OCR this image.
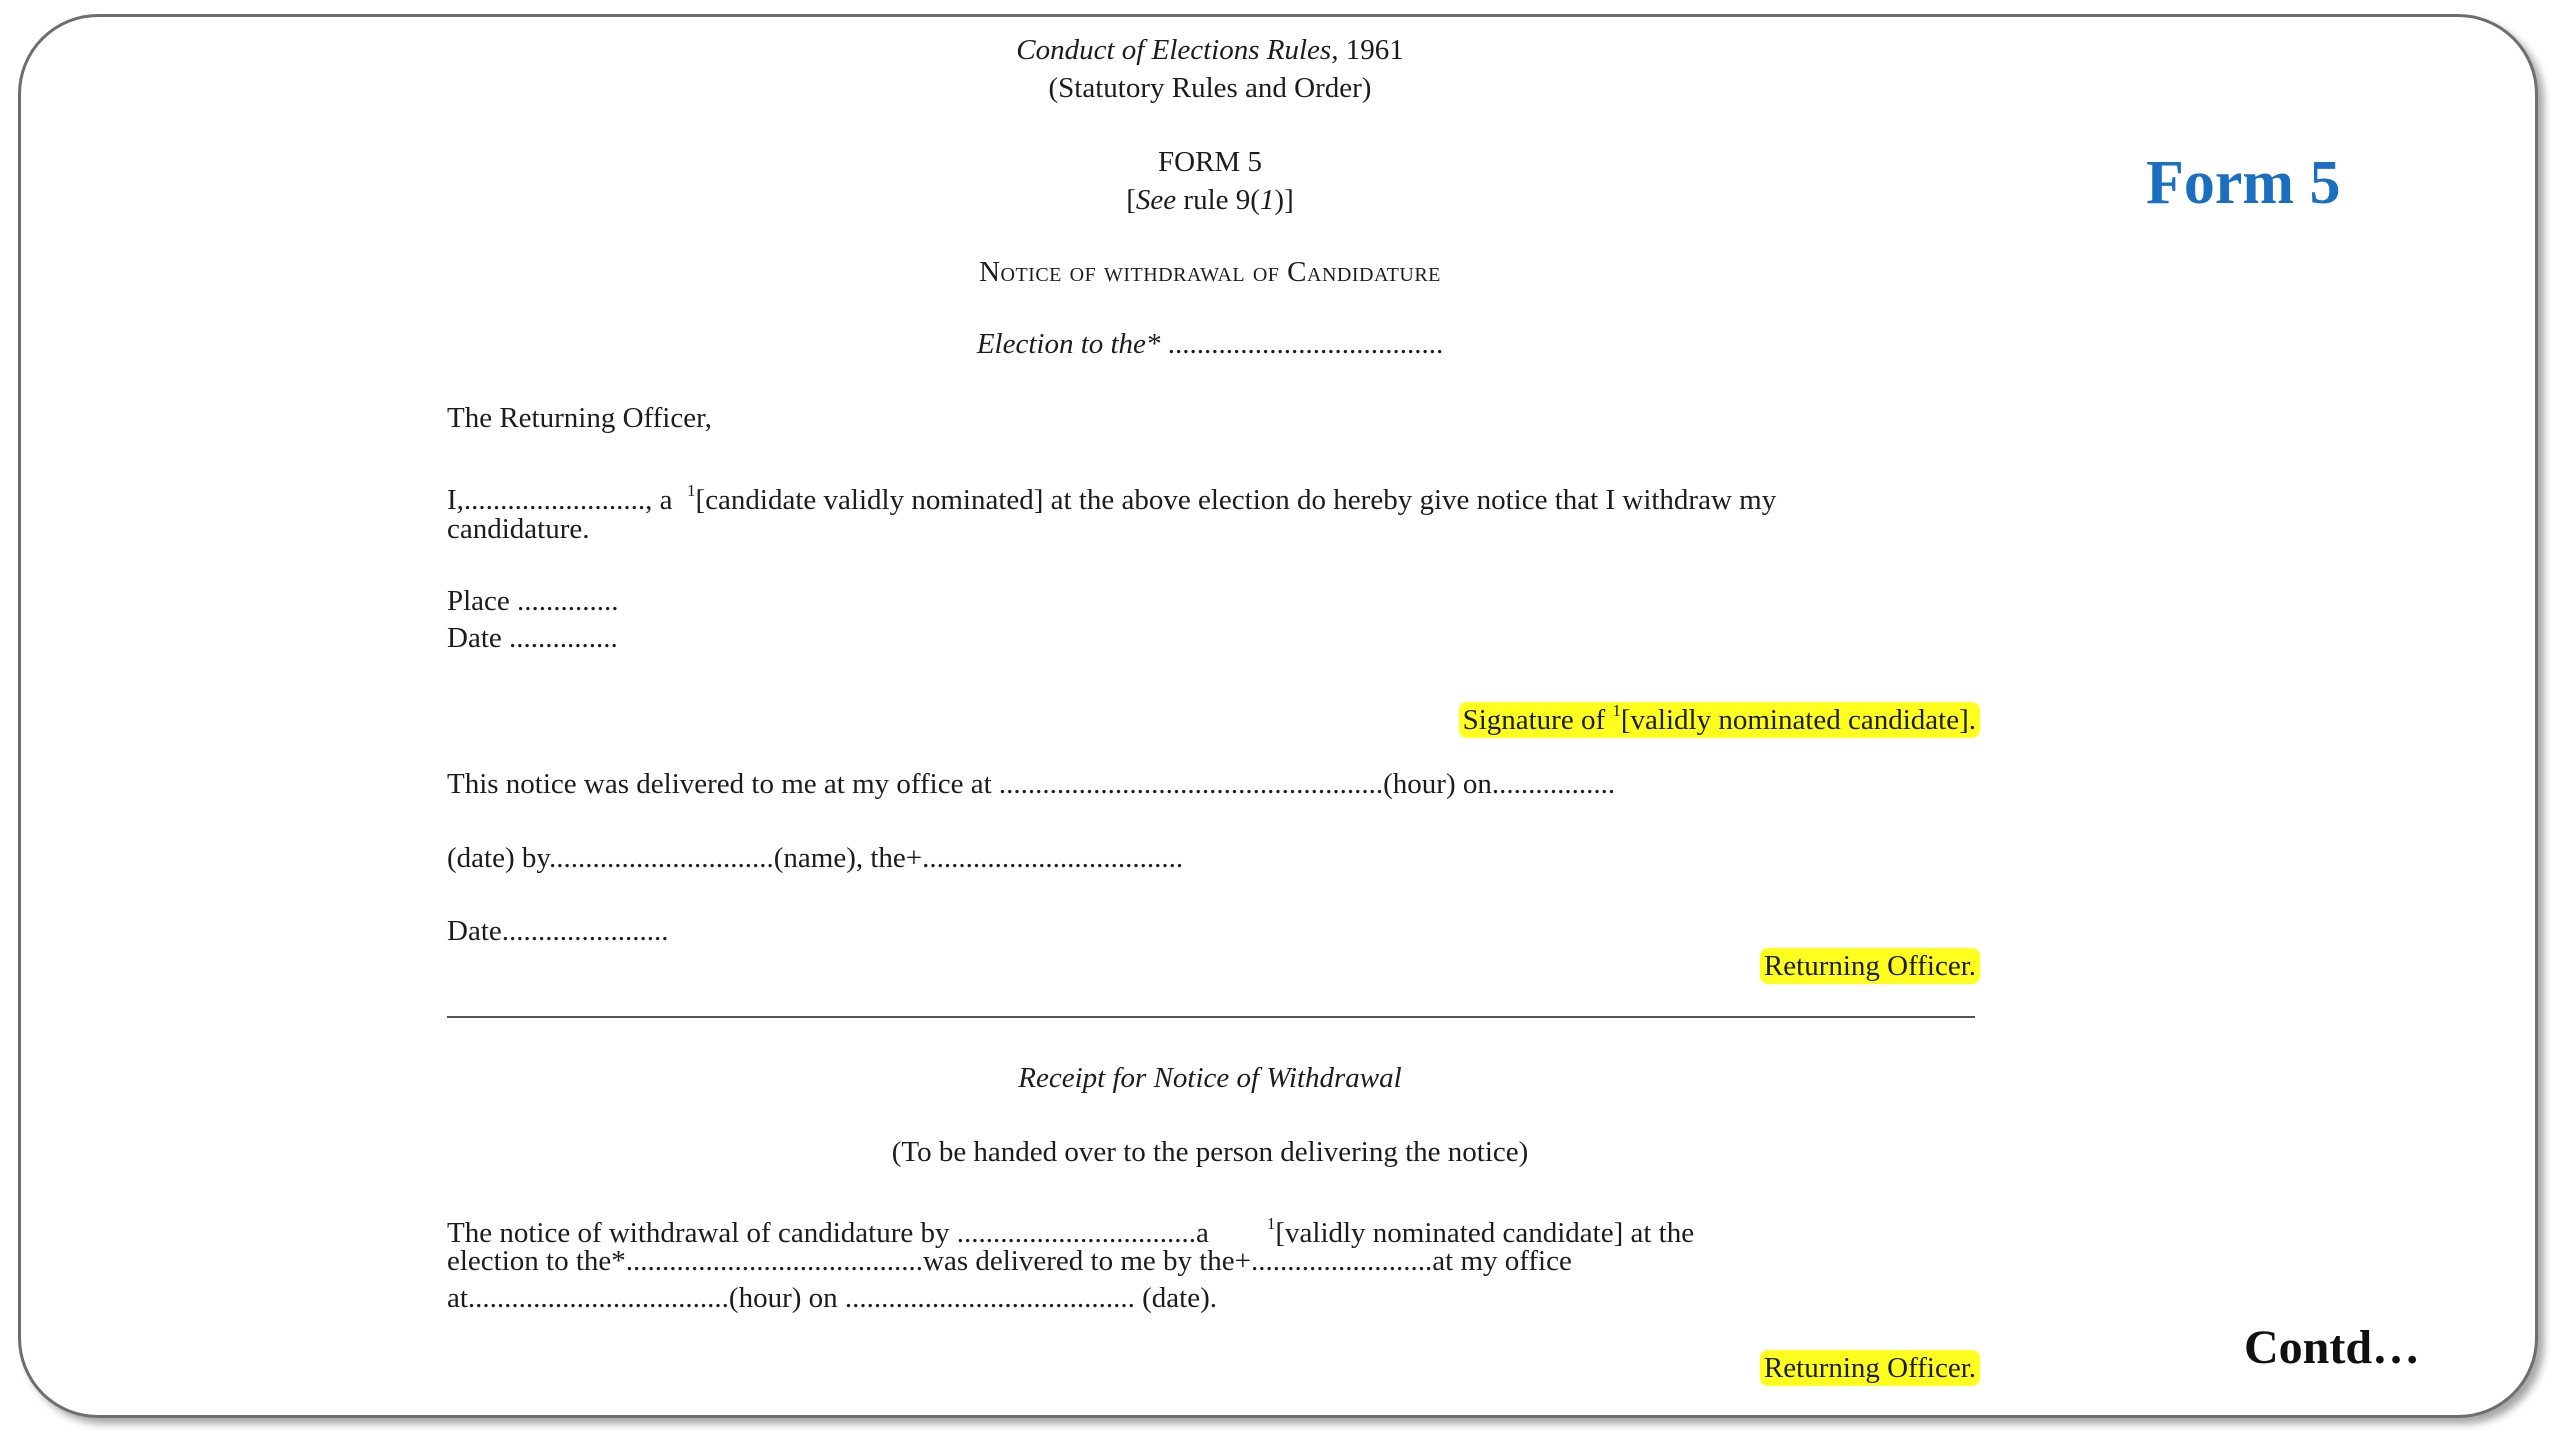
Conduct of Elections Rules, 1961
(Statutory Rules and Order)
FORM 5
[See rule 9(1)]
Notice of withdrawal of Candidature
Election to the* ......................................
The Returning Officer,
I,........................., a $^1$[candidate validly nominated] at the above election do hereby give notice that I withdraw my
candidature.
Place ..............
Date ...............
Signature of $^1$[validly nominated candidate].
This notice was delivered to me at my office at .....................................................(hour) on.................
(date) by...............................(name), the+....................................
Date.......................
Returning Officer.
Receipt for Notice of Withdrawal
(To be handed over to the person delivering the notice)
The notice of withdrawal of candidature by .................................a	$^1$[validly nominated candidate] at the
election to the*.........................................was delivered to me by the+.........................at my office
at....................................(hour) on ........................................ (date).
Returning Officer.
Form 5
Contd…
